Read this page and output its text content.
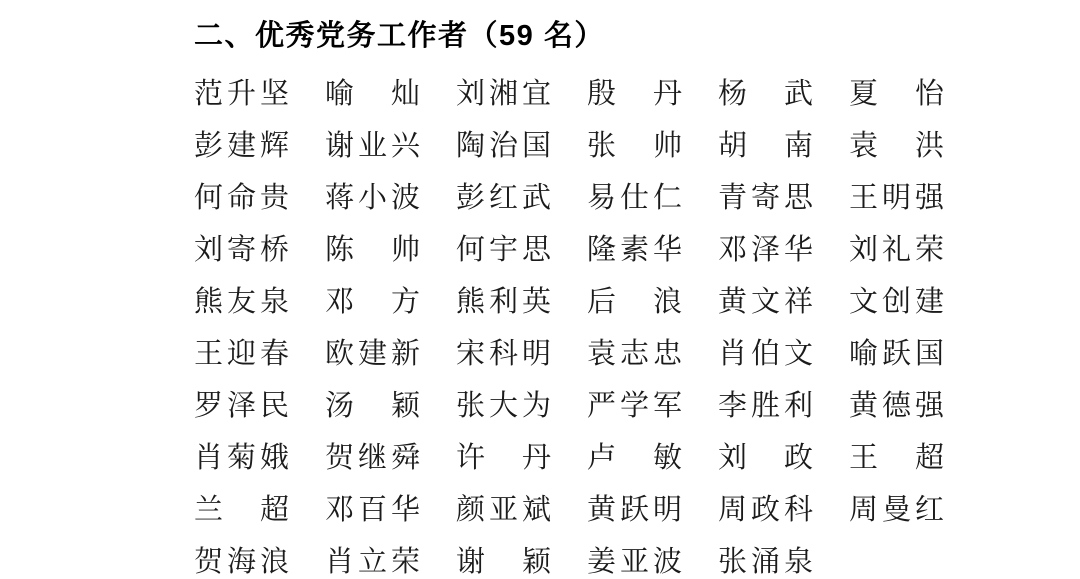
二、优秀党务工作者（59 名）
范 升 坚 喻 灿 刘 湘 宜 殷 丹 杨 武 夏 怡
彭 建 辉 谢 业 兴 陶 治 国 张 帅 胡 南 袁 洪
何 命 贵 蒋 小 波 彭 红 武 易 仕 仁 青 寄 思 王 明 强
刘 寄 桥 陈 帅 何 宇 思 隆 素 华 邓 泽 华 刘 礼 荣
熊 友 泉 邓 方 熊 利 英 后 浪 黄 文 祥 文 创 建
王 迎 春 欧 建 新 宋 科 明 袁 志 忠 肖 伯 文 喻 跃 国
罗 泽 民 汤 颖 张 大 为 严 学 军 李 胜 利 黄 德 强
肖 菊 娥 贺 继 舜 许 丹 卢 敏 刘 政 王 超
兰 超 邓 百 华 颜 亚 斌 黄 跃 明 周 政 科 周 曼 红
贺 海 浪 肖 立 荣 谢 颖 姜 亚 波 张 涌 泉
